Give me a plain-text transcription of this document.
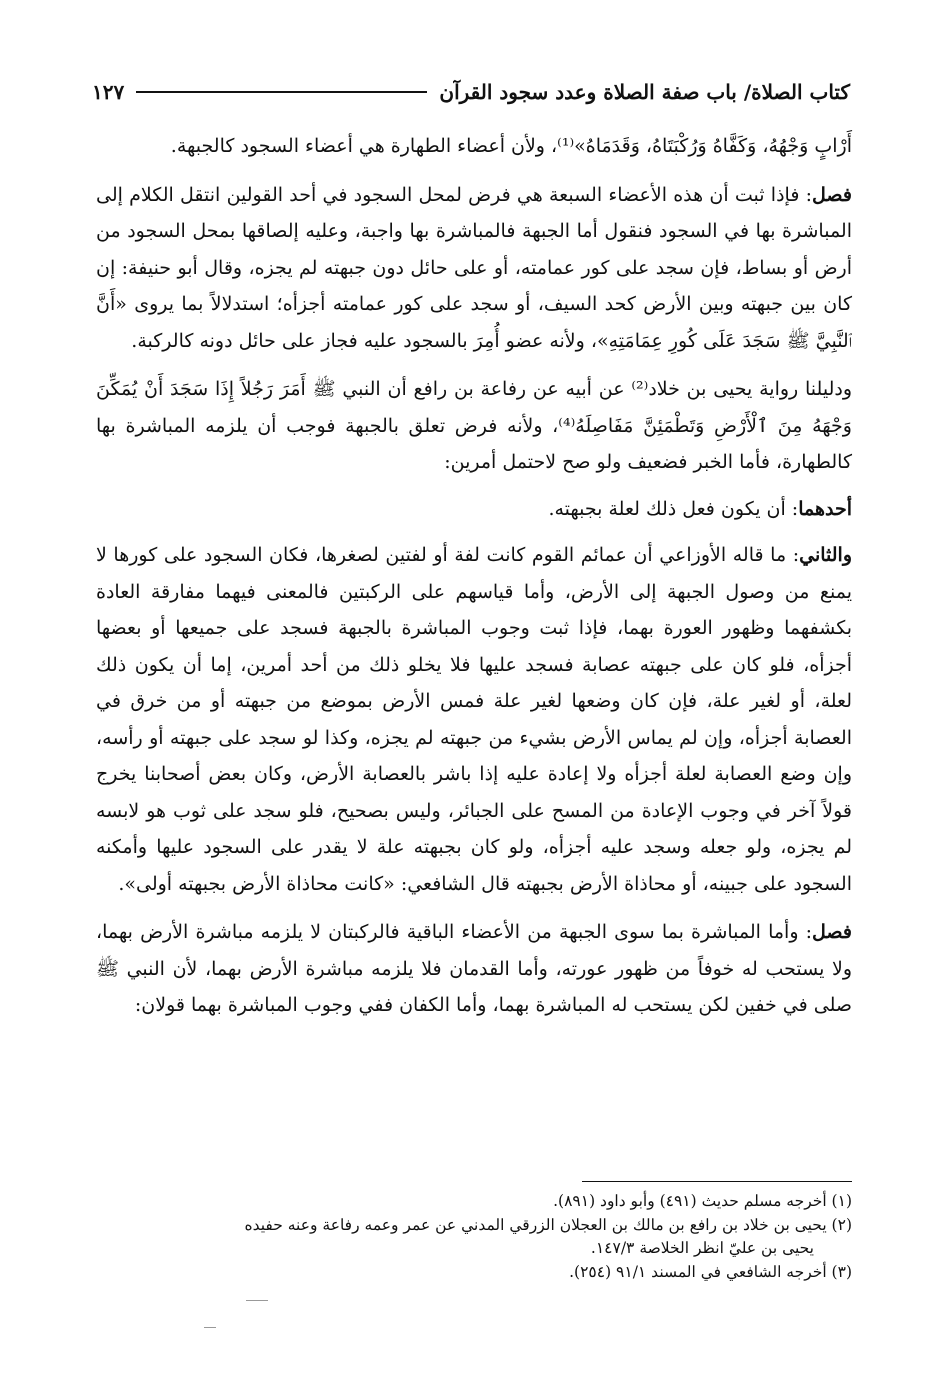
كتاب الصلاة/ باب صفة الصلاة وعدد سجود القرآن
١٢٧

أَرْابٍ وَجْهُهُ، وَكَفَّاهُ وَرُكْبَتَاهُ، وَقَدَمَاهُ»⁽¹⁾، ولأن أعضاء الطهارة هي أعضاء السجود كالجبهة.

فصل: فإذا ثبت أن هذه الأعضاء السبعة هي فرض لمحل السجود في أحد القولين انتقل الكلام إلى المباشرة بها في السجود فنقول أما الجبهة فالمباشرة بها واجبة، وعليه إلصاقها بمحل السجود من أرض أو بساط، فإن سجد على كور عمامته، أو على حائل دون جبهته لم يجزه، وقال أبو حنيفة: إن كان بين جبهته وبين الأرض كحد السيف، أو سجد على كور عمامته أجزأه؛ استدلالاً بما يروى «أَنَّ ٱلنَّبِيَّ ﷺ سَجَدَ عَلَى كُورِ عِمَامَتِهِ»، ولأنه عضو أُمِرَ بالسجود عليه فجاز على حائل دونه كالركبة.

ودليلنا رواية يحيى بن خلاد⁽²⁾ عن أبيه عن رفاعة بن رافع أن النبي ﷺ أَمَرَ رَجُلاً إِذَا سَجَدَ أَنْ يُمَكِّنَ وَجْهَهُ مِنَ ٱلْأَرْضِ وَتَطْمَئِنَّ مَفَاصِلَهُ⁽⁴⁾، ولأنه فرض تعلق بالجبهة فوجب أن يلزمه المباشرة بها كالطهارة، فأما الخبر فضعيف ولو صح لاحتمل أمرين:

أحدهما: أن يكون فعل ذلك لعلة بجبهته.

والثاني: ما قاله الأوزاعي أن عمائم القوم كانت لفة أو لفتين لصغرها، فكان السجود على كورها لا يمنع من وصول الجبهة إلى الأرض، وأما قياسهم على الركبتين فالمعنى فيهما مفارقة العادة بكشفهما وظهور العورة بهما، فإذا ثبت وجوب المباشرة بالجبهة فسجد على جميعها أو بعضها أجزأه، فلو كان على جبهته عصابة فسجد عليها فلا يخلو ذلك من أحد أمرين، إما أن يكون ذلك لعلة، أو لغير علة، فإن كان وضعها لغير علة فمس الأرض بموضع من جبهته أو من خرق في العصابة أجزأه، وإن لم يماس الأرض بشيء من جبهته لم يجزه، وكذا لو سجد على جبهته أو رأسه، وإن وضع العصابة لعلة أجزأه ولا إعادة عليه إذا باشر بالعصابة الأرض، وكان بعض أصحابنا يخرج قولاً آخر في وجوب الإعادة من المسح على الجبائر، وليس بصحيح، فلو سجد على ثوب هو لابسه لم يجزه، ولو جعله وسجد عليه أجزأه، ولو كان بجبهته علة لا يقدر على السجود عليها وأمكنه السجود على جبينه، أو محاذاة الأرض بجبهته قال الشافعي: «كانت محاذاة الأرض بجبهته أولى».

فصل: وأما المباشرة بما سوى الجبهة من الأعضاء الباقية فالركبتان لا يلزمه مباشرة الأرض بهما، ولا يستحب له خوفاً من ظهور عورته، وأما القدمان فلا يلزمه مباشرة الأرض بهما، لأن النبي ﷺ صلى في خفين لكن يستحب له المباشرة بهما، وأما الكفان ففي وجوب المباشرة بهما قولان:

(١) أخرجه مسلم حديث (٤٩١) وأبو داود (٨٩١).
(٢) يحيى بن خلاد بن رافع بن مالك بن العجلان الزرقي المدني عن عمر وعمه رفاعة وعنه حفيده
يحيى بن عليّ انظر الخلاصة ١٤٧/٣.
(٣) أخرجه الشافعي في المسند ٩١/١ (٢٥٤).
